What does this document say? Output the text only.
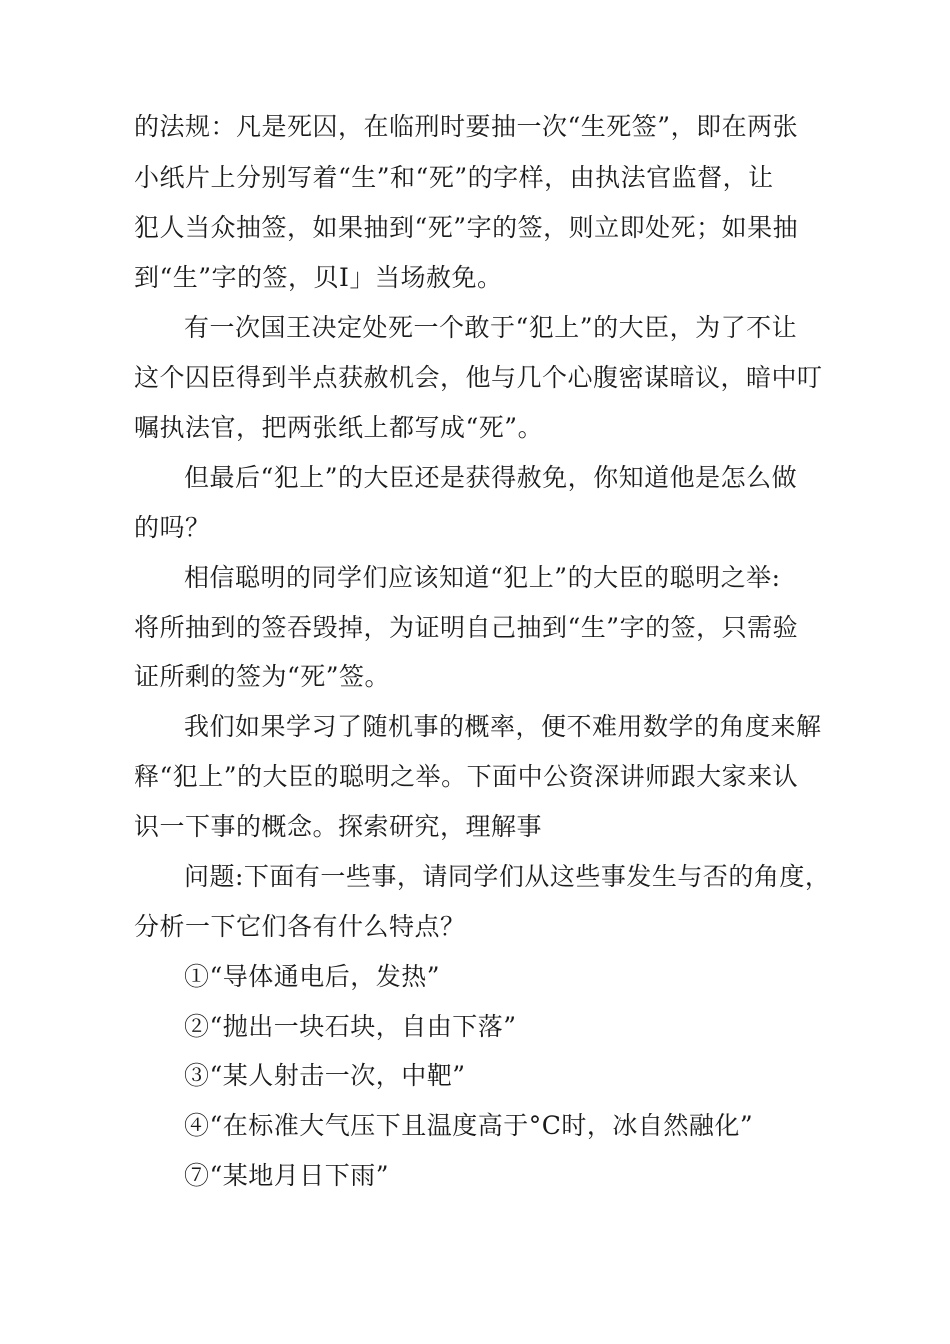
的法规：凡是死囚，在临刑时要抽一次“生死签”，即在两张
小纸片上分别写着“生”和“死”的字样，由执法官监督，让
犯人当众抽签，如果抽到“死”字的签，则立即处死；如果抽
到“生”字的签，贝I」当场赦免。
有一次国王决定处死一个敢于“犯上”的大臣，为了不让
这个囚臣得到半点获赦机会，他与几个心腹密谋暗议，暗中叮
嘱执法官，把两张纸上都写成“死”。
但最后“犯上”的大臣还是获得赦免，你知道他是怎么做
的吗？
相信聪明的同学们应该知道“犯上”的大臣的聪明之举:
将所抽到的签吞毁掉，为证明自己抽到“生”字的签，只需验
证所剩的签为“死”签。
我们如果学习了随机事的概率，便不难用数学的角度来解
释“犯上”的大臣的聪明之举。下面中公资深讲师跟大家来认
识一下事的概念。探索研究，理解事
问题:下面有一些事，请同学们从这些事发生与否的角度，
分析一下它们各有什么特点？
①“导体通电后，发热”
②“抛出一块石块，自由下落”
③“某人射击一次，中靶”
④“在标准大气压下且温度高于°C时，冰自然融化”
⑦“某地月日下雨”
